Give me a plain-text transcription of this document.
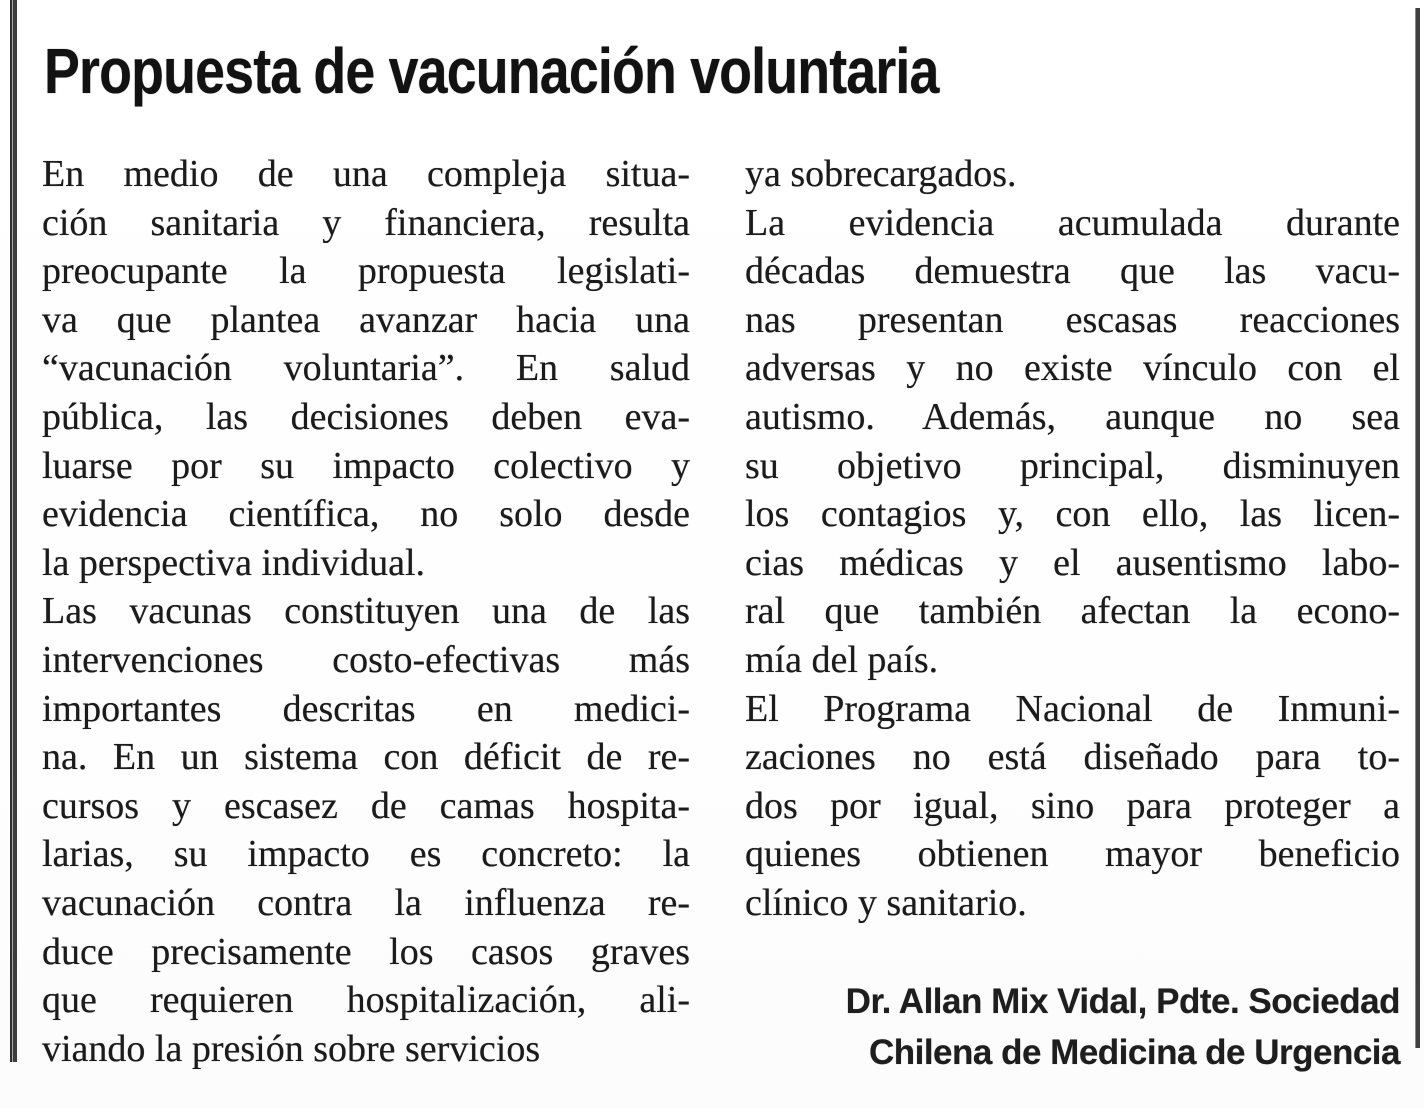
Propuesta de vacunación voluntaria
En medio de una compleja situa-
ción sanitaria y financiera, resulta
preocupante la propuesta legislati-
va que plantea avanzar hacia una
“vacunación voluntaria”. En salud
pública, las decisiones deben eva-
luarse por su impacto colectivo y
evidencia científica, no solo desde
la perspectiva individual.
Las vacunas constituyen una de las
intervenciones costo-efectivas más
importantes descritas en medici-
na. En un sistema con déficit de re-
cursos y escasez de camas hospita-
larias, su impacto es concreto: la
vacunación contra la influenza re-
duce precisamente los casos graves
que requieren hospitalización, ali-
viando la presión sobre servicios
ya sobrecargados.
La evidencia acumulada durante
décadas demuestra que las vacu-
nas presentan escasas reacciones
adversas y no existe vínculo con el
autismo. Además, aunque no sea
su objetivo principal, disminuyen
los contagios y, con ello, las licen-
cias médicas y el ausentismo labo-
ral que también afectan la econo-
mía del país.
El Programa Nacional de Inmuni-
zaciones no está diseñado para to-
dos por igual, sino para proteger a
quienes obtienen mayor beneficio
clínico y sanitario.
Dr. Allan Mix Vidal, Pdte. Sociedad
Chilena de Medicina de Urgencia
